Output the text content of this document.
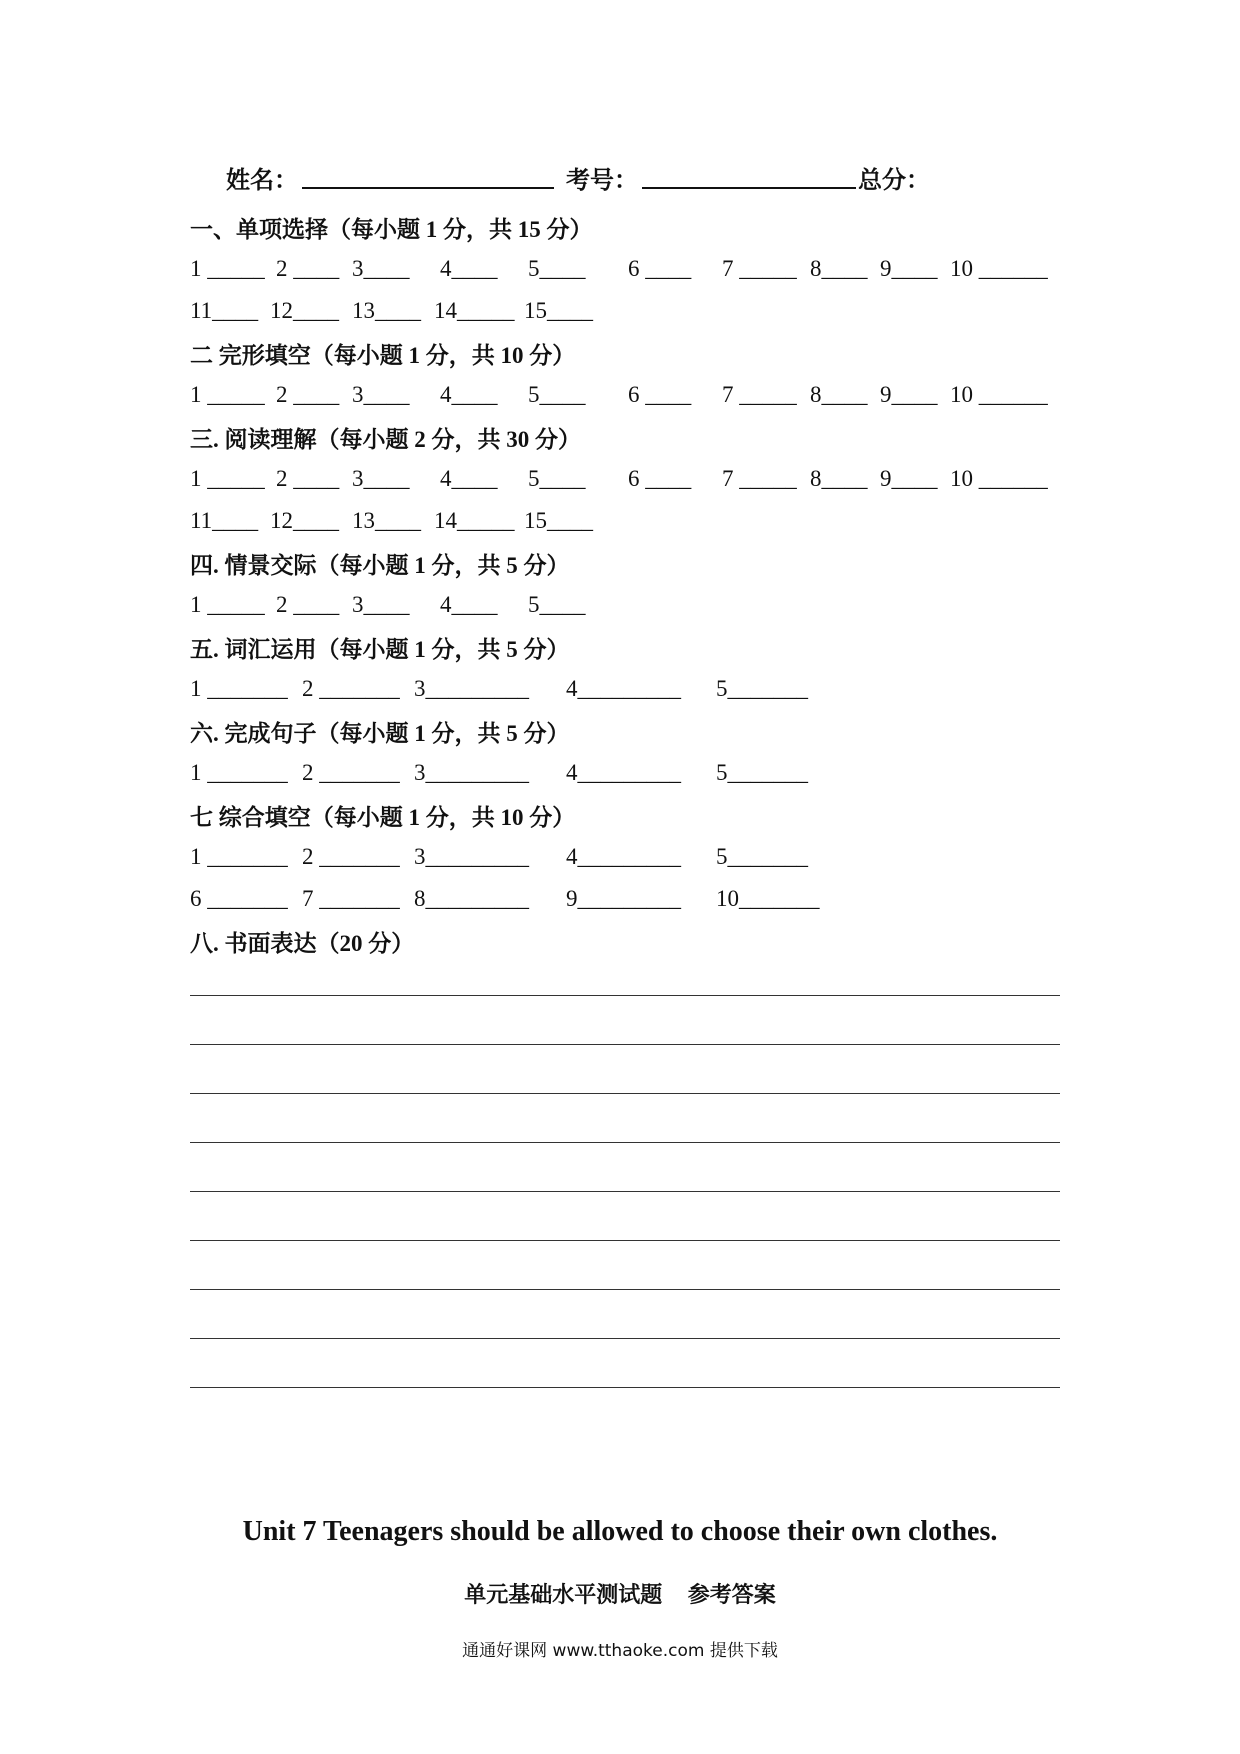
姓名：	考号：	总分：
一、单项选择（每小题 1 分，共 15 分）
1 _____ 2 ____ 3____ 4____ 5____ 6 ____ 7 _____ 8____ 9____ 10 ______
11____ 12____ 13____ 14_____ 15____
二 完形填空（每小题 1 分，共 10 分）
1 _____ 2 ____ 3____ 4____ 5____ 6 ____ 7 _____ 8____ 9____ 10 ______
三. 阅读理解（每小题 2 分，共 30 分）
1 _____ 2 ____ 3____ 4____ 5____ 6 ____ 7 _____ 8____ 9____ 10 ______
11____ 12____ 13____ 14_____ 15____
四. 情景交际（每小题 1 分，共 5 分）
1 _____ 2 ____ 3____ 4____ 5____
五. 词汇运用（每小题 1 分，共 5 分）
1 _______ 2 _______ 3_________ 4_________ 5_______
六. 完成句子（每小题 1 分，共 5 分）
1 _______ 2 _______ 3_________ 4_________ 5_______
七 综合填空（每小题 1 分，共 10 分）
1 _______ 2 _______ 3_________ 4_________ 5_______
6 _______ 7 _______ 8_________ 9_________ 10_______
八. 书面表达（20 分）
Unit 7 Teenagers should be allowed to choose their own clothes.
单元基础水平测试题 参考答案
通通好课网 www.tthaoke.com 提供下载
